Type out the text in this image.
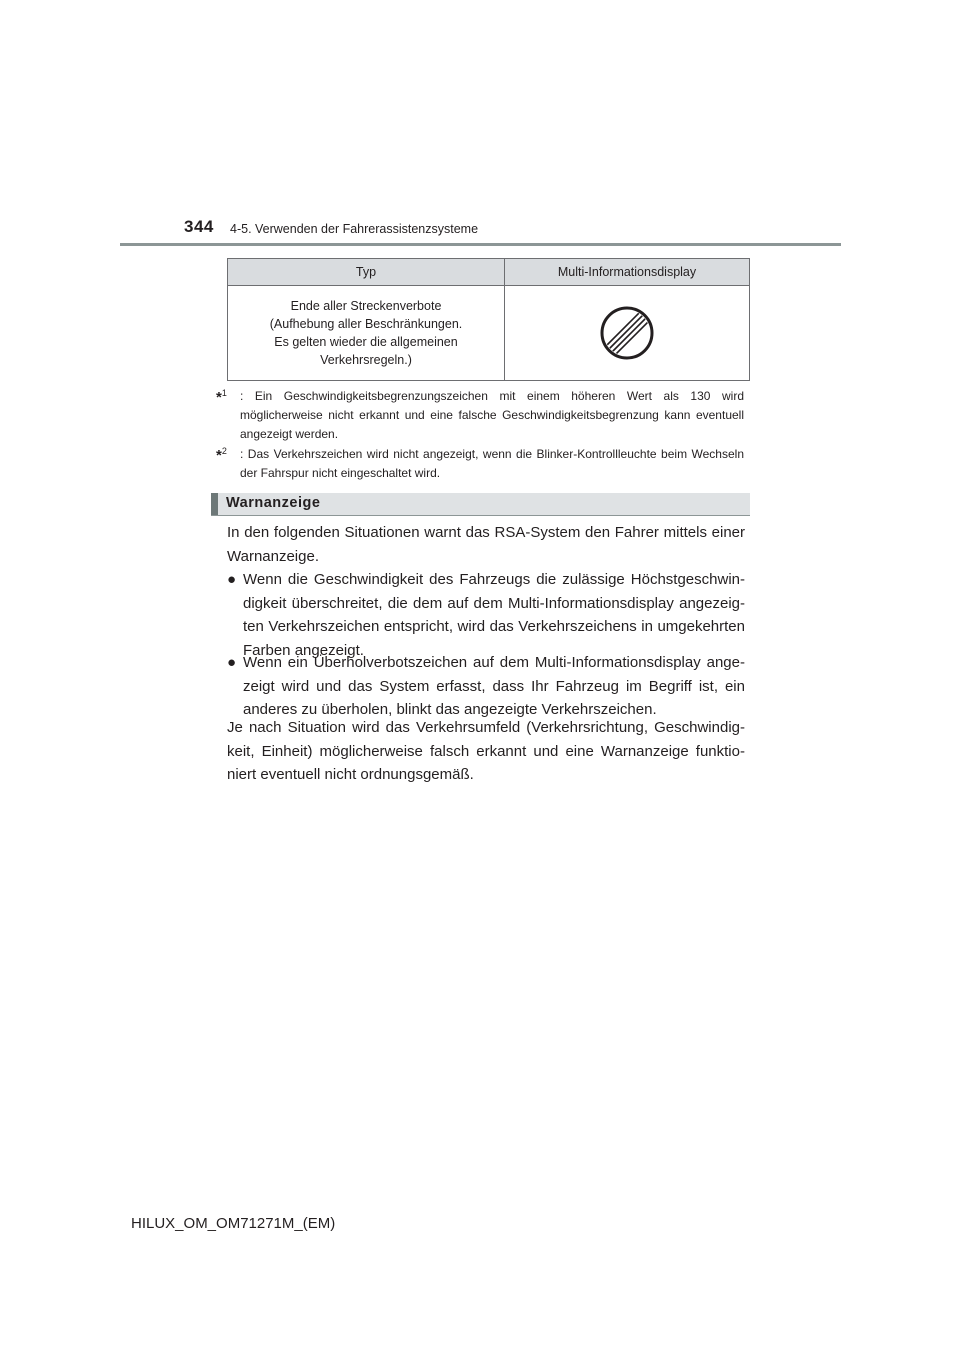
344 4-5. Verwenden der Fahrerassistenzsysteme
Typ	Multi-Informationsdisplay

Ende aller Streckenverbote
(Aufhebung aller Beschränkungen.
Es gelten wieder die allgemeinen
Verkehrsregeln.)

*$^1$ : Ein Geschwindigkeitsbegrenzungszeichen mit einem höheren Wert als 130 wird möglicherweise nicht erkannt und eine falsche Geschwindigkeitsbegrenzung kann eventuell angezeigt werden.
*$^2$ : Das Verkehrszeichen wird nicht angezeigt, wenn die Blinker-Kontrollleuchte beim Wechseln der Fahrspur nicht eingeschaltet wird.
Warnanzeige
In den folgenden Situationen warnt das RSA-System den Fahrer mittels einer Warnanzeige.
● Wenn die Geschwindigkeit des Fahrzeugs die zulässige Höchstgeschwindigkeit überschreitet, die dem auf dem Multi-Informationsdisplay angezeigten Verkehrszeichen entspricht, wird das Verkehrszeichens in umgekehrten Farben angezeigt.
● Wenn ein Überholverbotszeichen auf dem Multi-Informationsdisplay angezeigt wird und das System erfasst, dass Ihr Fahrzeug im Begriff ist, ein anderes zu überholen, blinkt das angezeigte Verkehrszeichen.
Je nach Situation wird das Verkehrsumfeld (Verkehrsrichtung, Geschwindigkeit, Einheit) möglicherweise falsch erkannt und eine Warnanzeige funktioniert eventuell nicht ordnungsgemäß.
HILUX_OM_OM71271M_(EM)
